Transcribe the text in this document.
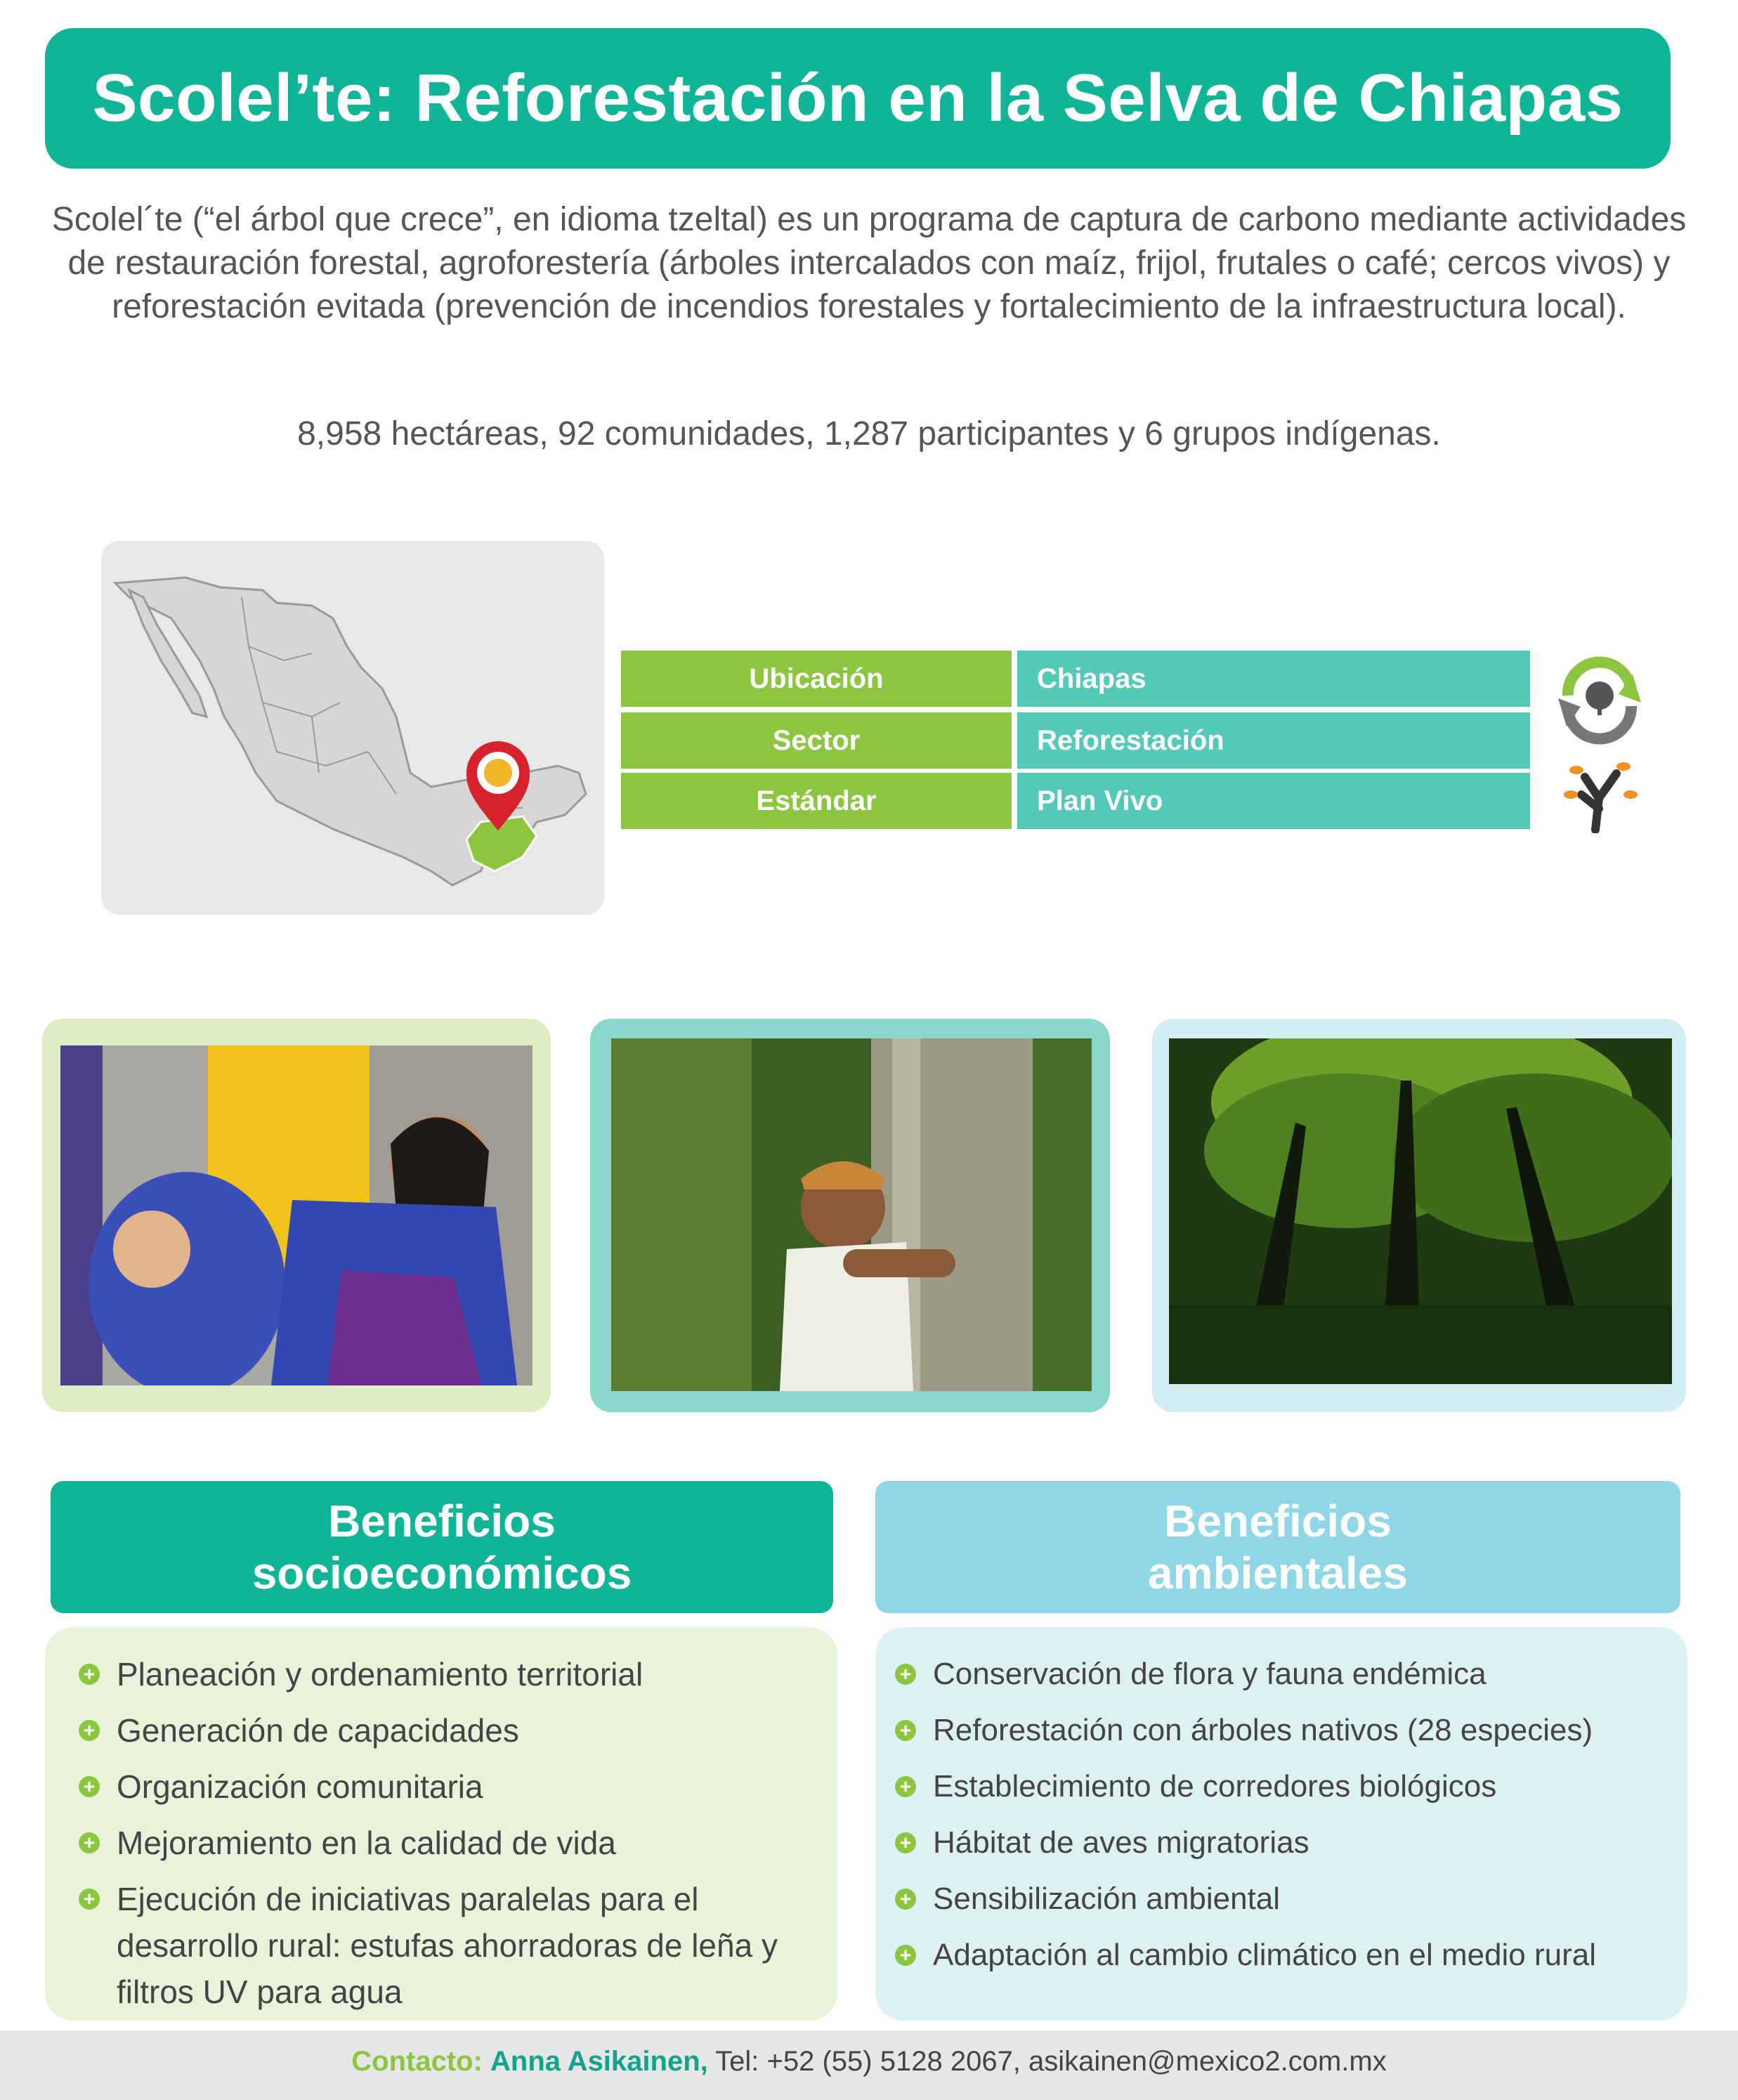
Scolel’te: Reforestación en la Selva de Chiapas
Scolel´te (“el árbol que crece”, en idioma tzeltal) es un programa de captura de carbono mediante actividades de restauración forestal, agroforestería (árboles intercalados con maíz, frijol, frutales o café; cercos vivos) y reforestación evitada (prevención de incendios forestales y fortalecimiento de la infraestructura local).
8,958 hectáreas, 92 comunidades, 1,287 participantes y 6 grupos indígenas.
Ubicación	Chiapas
Sector	Reforestación
Estándar	Plan Vivo
Beneficios
socioeconómicos
Beneficios
ambientales
+ Planeación y ordenamiento territorial
+ Generación de capacidades
+ Organización comunitaria
+ Mejoramiento en la calidad de vida
+ Ejecución de iniciativas paralelas para el desarrollo rural: estufas ahorradoras de leña y filtros UV para agua
+ Conservación de flora y fauna endémica
+ Reforestación con árboles nativos (28 especies)
+ Establecimiento de corredores biológicos
+ Hábitat de aves migratorias
+ Sensibilización ambiental
+ Adaptación al cambio climático en el medio rural
Contacto: Anna Asikainen, Tel: +52 (55) 5128 2067, asikainen@mexico2.com.mx
